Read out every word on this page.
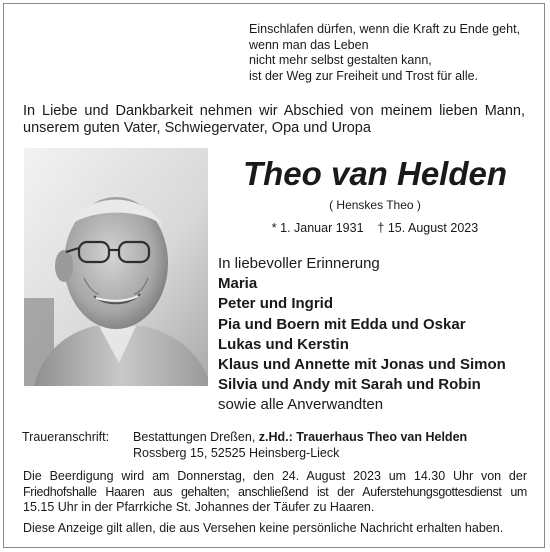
Einschlafen dürfen, wenn die Kraft zu Ende geht,
wenn man das Leben
nicht mehr selbst gestalten kann,
ist der Weg zur Freiheit und Trost für alle.
In Liebe und Dankbarkeit nehmen wir Abschied von meinem lieben Mann,
unserem guten Vater, Schwiegervater, Opa und Uropa
Theo van Helden
( Henskes Theo )
* 1. Januar 1931    † 15. August 2023
In liebevoller Erinnerung
Maria
Peter und Ingrid
Pia und Boern mit Edda und Oskar
Lukas und Kerstin
Klaus und Annette mit Jonas und Simon
Silvia und Andy mit Sarah und Robin
sowie alle Anverwandten
Traueranschrift: Bestattungen Dreßen, z.Hd.: Trauerhaus Theo van Helden
Rossberg 15, 52525 Heinsberg-Lieck
Die Beerdigung wird am Donnerstag, den 24. August 2023 um 14.30 Uhr von der
Friedhofshalle Haaren aus gehalten; anschließend ist der Auferstehungsgottesdienst um
15.15 Uhr in der Pfarrkiche St. Johannes der Täufer zu Haaren.
Diese Anzeige gilt allen, die aus Versehen keine persönliche Nachricht erhalten haben.
